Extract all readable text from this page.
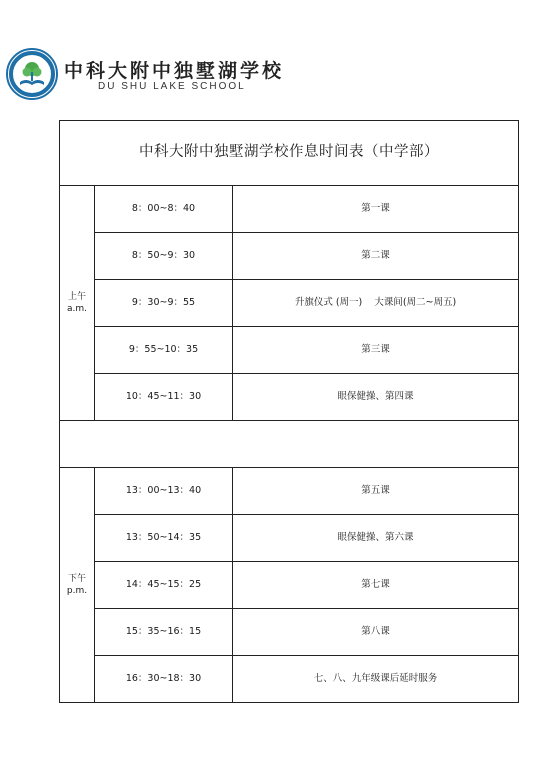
中科大附中独墅湖学校
DU SHU LAKE SCHOOL
中科大附中独墅湖学校作息时间表（中学部）		

上午
a.m.	8：00~8：40	第一课
	8：50~9：30	第二课
	9：30~9：55	升旗仪式 (周一)    大课间(周二~周五)
	9：55~10：35	第三课
	10：45~11：30	眼保健操、第四课

下午
p.m.	13：00~13：40	第五课
	13：50~14：35	眼保健操、第六课
	14：45~15：25	第七课
	15：35~16：15	第八课
	16：30~18：30	七、八、九年级课后延时服务
